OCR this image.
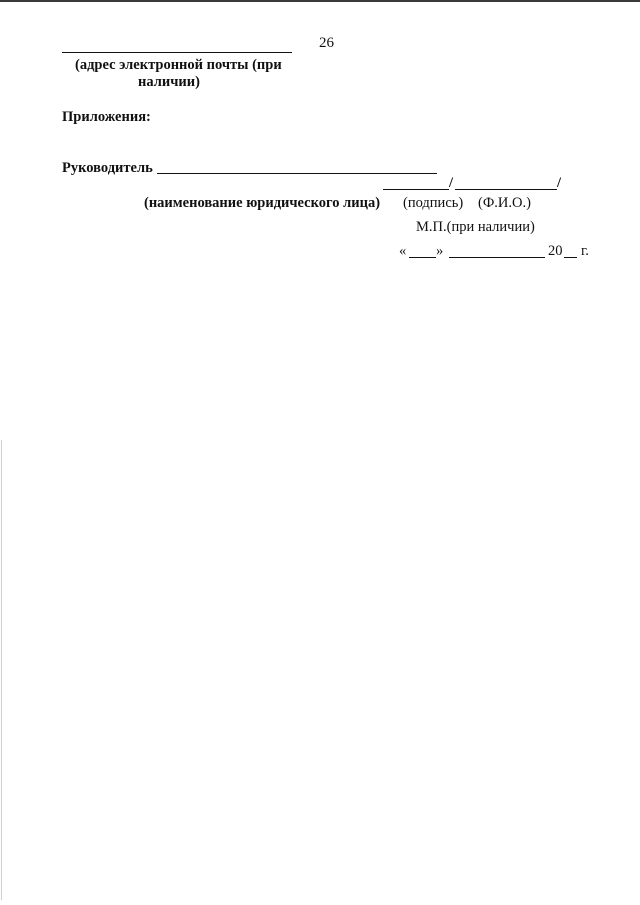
26
(адрес электронной почты (при
наличии)
Приложения:
Руководитель
/	/
(наименование юридического лица) (подпись) (Ф.И.О.)
М.П.(при наличии)
« »	20 г.
